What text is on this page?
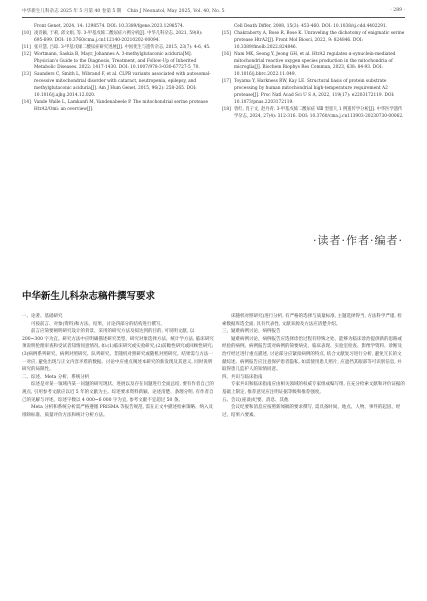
中华新生儿科杂志 2025 年 5 月第 40 卷第 5 期 Chin J Neonatol, May 2025, Vol. 40, No. 5	· 289 ·
Front Genet, 2024, 14: 1298574. DOI: 10.3389/fgene.2023.1298574.
[10] 凌诗颖, 于莉, 邱文娟, 等. 3-甲基戊烯二酸尿症六例分析[J]. 中华儿科杂志, 2021, 59(8): 695-699. DOI: 10.3760/cma.j.cn112140-20210202-00094.
[11] 张开慧, 吕琼. 3-甲基戊烯二酸尿症研究进展[J]. 中国优生与遗传杂志, 2015, 23(7): 4-6, 45.
[12] Wortmann, Saskia B, Mayr, Johannes A. 3-methylglutaconic aciduria[M]. Physician's Guide to the Diagnosis, Treatment, and Follow-Up of Inherited Metabolic Diseases. 2022: 1417-1430. DOI: 10.1007/978-3-030-67727-5_70.
[13] Saunders C, Smith L, Wibrand F, et al. CLPB variants associated with autosomal-recessive mitochondrial disorder with cataract, neutropenia, epilepsy, and methylglutaconic aciduria[J]. Am J Hum Genet, 2015, 96(2): 258-265. DOI: 10.1016/j.ajhg.2014.12.020.
[14] Vande Walle L, Lamkanfi M, Vandenabeele P. The mitochondrial serine protease HtrA2/Omi: an overview[J].
Cell Death Differ, 2008, 15(3): 453-460. DOI: 10.1038/sj.cdd.4402291.
[15] Chakraborty A, Bose R, Bose K. Unraveling the dichotomy of enigmatic serine protease HtrA2[J]. Front Mol Biosci, 2022, 9: 824846. DOI: 10.3389/fmolb.2022.824846.
[16] Nam MK, Seong Y, Jeong GH, et al. HtrA2 regulates α-synuclein-mediated mitochondrial reactive oxygen species production in the mitochondria of microglia[J]. Biochem Biophys Res Commun, 2023, 638: 84-93. DOI: 10.1016/j.bbrc.2022.11.049.
[17] Toyama Y, Harkness RW, Kay LE. Structural basis of protein substrate processing by human mitochondrial high-temperature requirement A2 protease[J]. Proc Natl Acad Sci U S A, 2022, 119(17): e2203172119. DOI: 10.1073/pnas.2203172119.
[18] 曾红, 肖子文, 赵丹青. 3-甲基戊烯二酸尿症 Ⅷ 型患儿 1 例遗传学分析[J]. 中华医学遗传学杂志, 2024, 27(4): 312-316. DOI: 10.3760/cma.j.cn113903-20230730-00062.
·读者·作者·编者·
中华新生儿科杂志稿件撰写要求

一、论著、基础研究

可按前言、对象(资料)和方法、结果、讨论四部分的结构进行撰写。

前言应简要阐明研究设计的背景、采用的研究方法及拟达到的目的, 可说明文献, 以 200~300 字为宜。研究方法中应明确描述研究类型、研究对象选择方法、统计学方法, 临床研究须说明伦理审查和受试者知情同意情况, 如:(1)临床研究或实验研究;(2)前瞻性研究或回顾性研究;(3)病例系列研究、病例对照研究、队列研究、非随机对照研究或随机对照研究。结果需与方法一一对应, 避免出现与正文内容矛盾的数据。讨论中应重点阐述本研究的新发现及其意义, 同时说明研究的局限性。

二、综述、Meta 分析、系统分析

综述是对某一领域内某一问题的研究现状、进展以及存在问题进行全面总结, 要有作者自己的观点, 引用参考文献应以近 5 年的文献为主。综述要求资料新颖、论述清楚、条理分明, 有作者自己的见解与评述。综述字数以 4 000~6 000 字为宜, 参考文献不宜超过 50 条。

Meta 分析和系统分析需严格遵循 PRISMA 等报告规范, 需在正文中描述检索策略、纳入及排除标准、质量评价方法和统计分析方法。

床随机对照研究)进行分析, 有严格的选择与质量标准, 主题选择得当, 方法科学严谨, 检索数据库选全面, 具有代表性, 文献来源及方法应清楚介绍。

三、疑难病例讨论、病例报告

疑难病例讨论、病例报告应选择诊治过程有特殊之处、能够为临床诊治提供新的思路或经验的病例。病例报告需对病例的简要病史、临床表现、实验室检查、影像学资料、诊断及治疗经过进行重点描述, 讨论部分应紧扣病例的特点, 结合文献复习进行分析, 避免冗长的文献综述。病例报告应注意保护患者隐私, 如需使用患儿照片, 应遮挡其眼部等可识别信息, 并取得患儿监护人的知情同意。

四、共识与临床指南

专家共识和临床指南应由相关领域的权威专家组成编写组, 在充分检索文献和评价证据的基础上制定, 推荐意见应注明证据等级和推荐强度。

五、会议(座谈)纪要、消息、其他

会议纪要和消息应按照新闻稿的要求撰写, 需具备时间、地点、人物、事件的起因、经过、结果六要素。
